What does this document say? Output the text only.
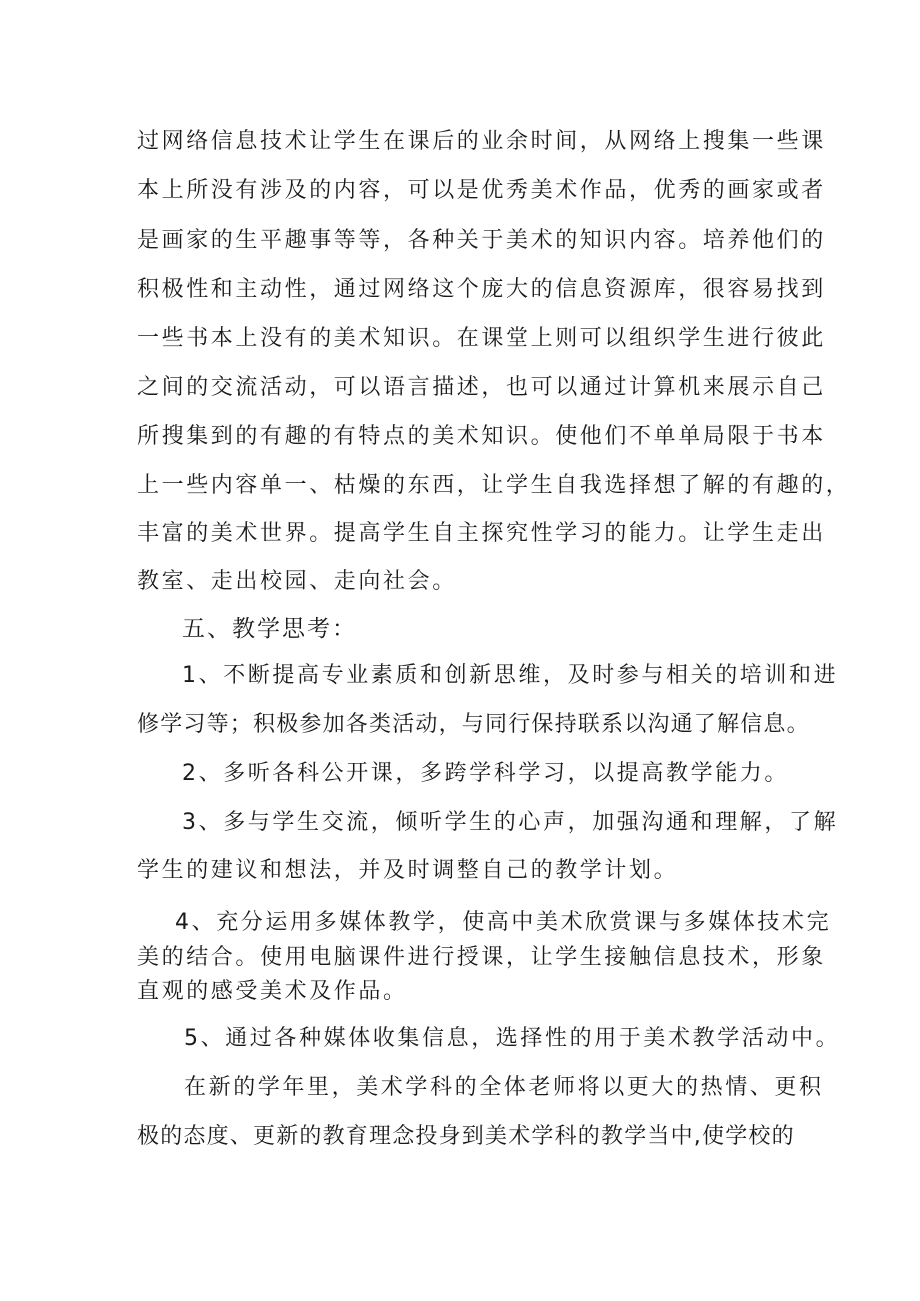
过网络信息技术让学生在课后的业余时间，从网络上搜集一些课
本上所没有涉及的内容，可以是优秀美术作品，优秀的画家或者
是画家的生平趣事等等，各种关于美术的知识内容。培养他们的
积极性和主动性，通过网络这个庞大的信息资源库，很容易找到
一些书本上没有的美术知识。在课堂上则可以组织学生进行彼此
之间的交流活动，可以语言描述，也可以通过计算机来展示自己
所搜集到的有趣的有特点的美术知识。使他们不单单局限于书本
上一些内容单一、枯燥的东西，让学生自我选择想了解的有趣的，
丰富的美术世界。提高学生自主探究性学习的能力。让学生走出
教室、走出校园、走向社会。
五、教学思考：
1、不断提高专业素质和创新思维，及时参与相关的培训和进
修学习等；积极参加各类活动，与同行保持联系以沟通了解信息。
2、多听各科公开课，多跨学科学习，以提高教学能力。
3、多与学生交流，倾听学生的心声，加强沟通和理解，了解
学生的建议和想法，并及时调整自己的教学计划。
4、充分运用多媒体教学，使高中美术欣赏课与多媒体技术完
美的结合。使用电脑课件进行授课，让学生接触信息技术，形象
直观的感受美术及作品。
5、通过各种媒体收集信息，选择性的用于美术教学活动中。
在新的学年里，美术学科的全体老师将以更大的热情、更积
极的态度、更新的教育理念投身到美术学科的教学当中,使学校的
